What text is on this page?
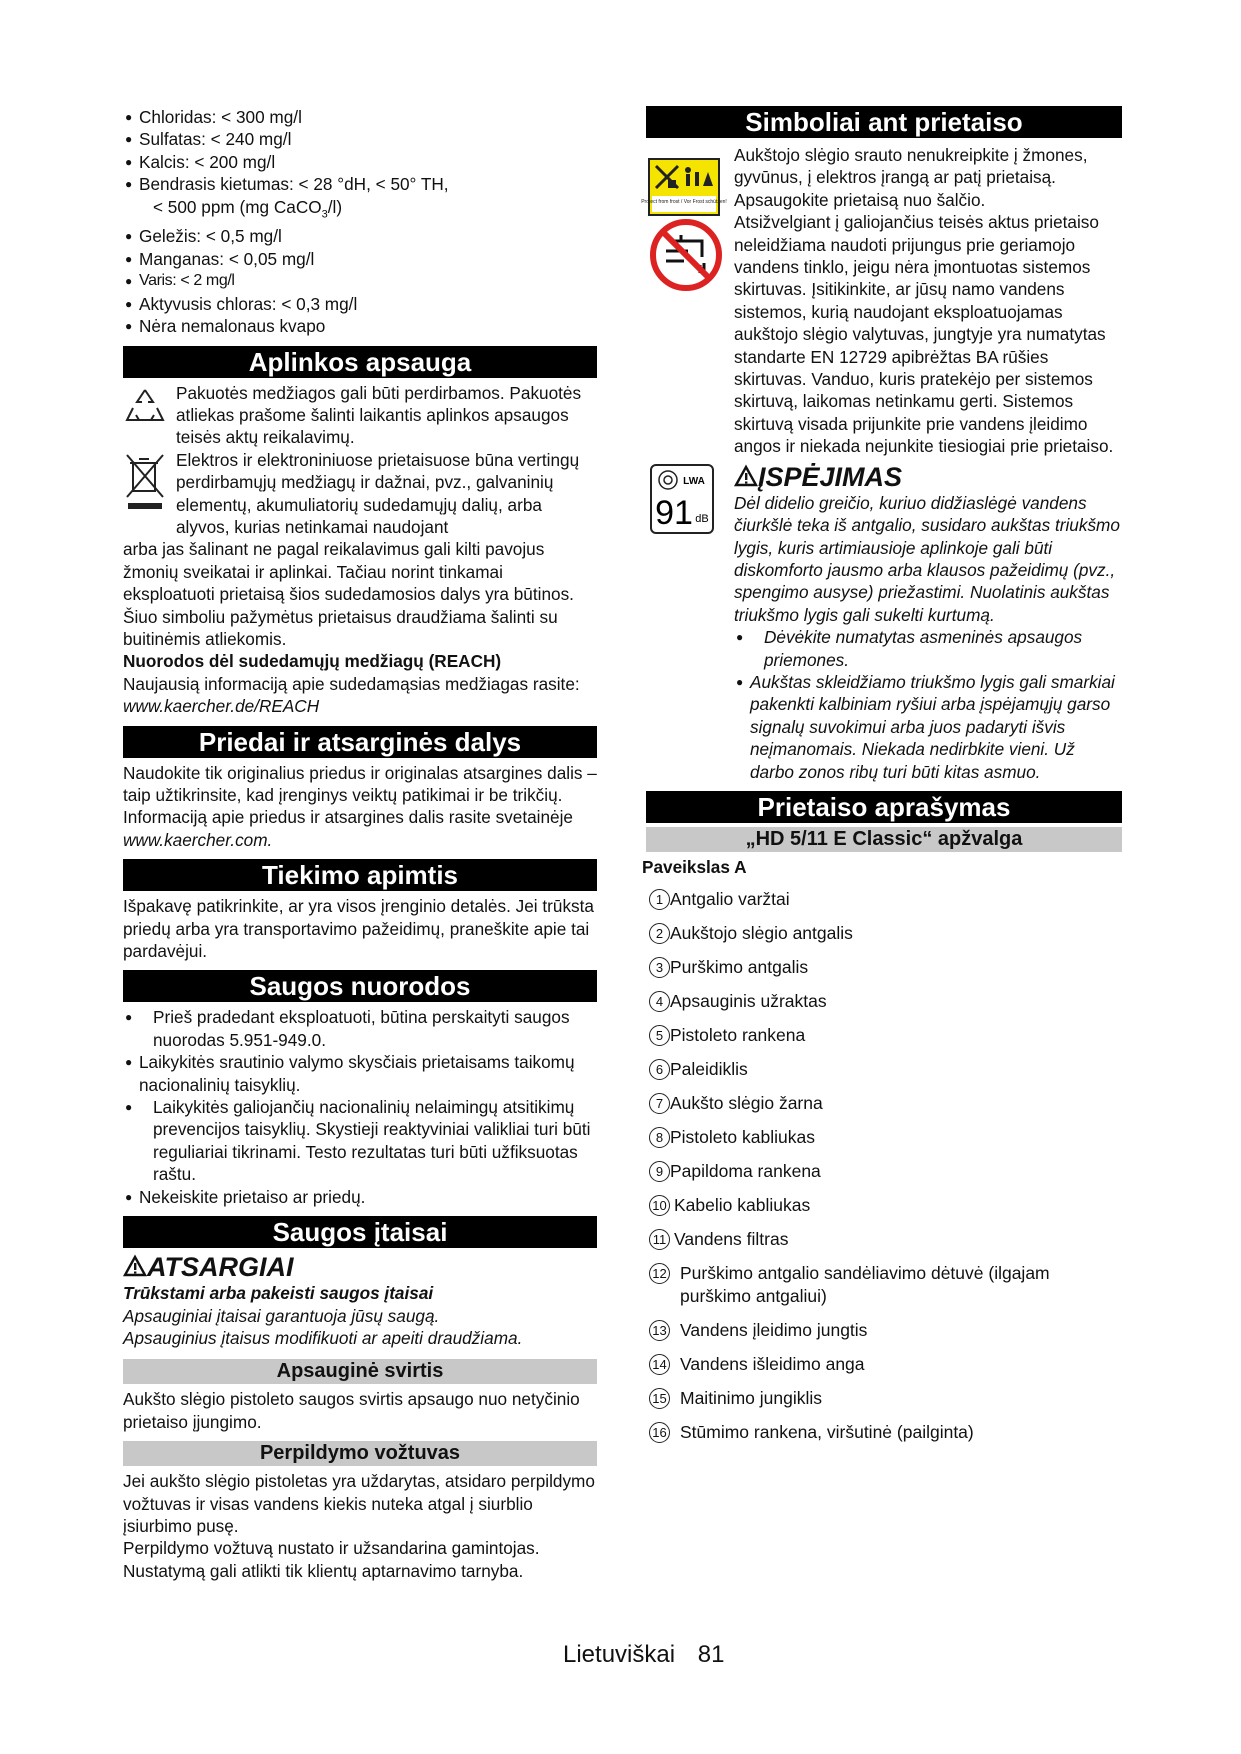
● Chloridas: < 300 mg/l
● Sulfatas: < 240 mg/l
● Kalcis: < 200 mg/l
● Bendrasis kietumas: < 28 °dH, < 50° TH,
< 500 ppm (mg CaCO$_3$/l)
● Geležis: < 0,5 mg/l
● Manganas: < 0,05 mg/l
● Varis: < 2 mg/l
● Aktyvusis chloras: < 0,3 mg/l
● Nėra nemalonaus kvapo
Aplinkos apsauga

Pakuotės medžiagos gali būti perdirbamos. Pakuotės atliekas prašome šalinti laikantis aplinkos apsaugos teisės aktų reikalavimų.

Elektros ir elektroniniuose prietaisuose būna vertingų perdirbamųjų medžiagų ir dažnai, pvz., galvaninių elementų, akumuliatorių sudedamųjų dalių, arba alyvos, kurias netinkamai naudojant

arba jas šalinant ne pagal reikalavimus gali kilti pavojus žmonių sveikatai ir aplinkai. Tačiau norint tinkamai eksploatuoti prietaisą šios sudedamosios dalys yra būtinos. Šiuo simboliu pažymėtus prietaisus draudžiama šalinti su buitinėmis atliekomis.

Nuorodos dėl sudedamųjų medžiagų (REACH)

Naujausią informaciją apie sudedamąsias medžiagas rasite: www.kaercher.de/REACH

Priedai ir atsarginės dalys

Naudokite tik originalius priedus ir originalas atsargines dalis – taip užtikrinsite, kad įrenginys veiktų patikimai ir be trikčių.

Informaciją apie priedus ir atsargines dalis rasite svetainėje www.kaercher.com.

Tiekimo apimtis

Išpakavę patikrinkite, ar yra visos įrenginio detalės. Jei trūksta priedų arba yra transportavimo pažeidimų, praneškite apie tai pardavėjui.

Saugos nuorodos
● Prieš pradedant eksploatuoti, būtina perskaityti saugos nuorodas 5.951-949.0.
● Laikykitės srautinio valymo skysčiais prietaisams taikomų nacionalinių taisyklių.
● Laikykitės galiojančių nacionalinių nelaimingų atsitikimų prevencijos taisyklių. Skystieji reaktyviniai valikliai turi būti reguliariai tikrinami. Testo rezultatas turi būti užfiksuotas raštu.
● Nekeiskite prietaiso ar priedų.
Saugos įtaisai
ATSARGIAI

Trūkstami arba pakeisti saugos įtaisai

Apsauginiai įtaisai garantuoja jūsų saugą.

Apsauginius įtaisus modifikuoti ar apeiti draudžiama.

Apsauginė svirtis

Aukšto slėgio pistoleto saugos svirtis apsaugo nuo netyčinio prietaiso įjungimo.

Perpildymo vožtuvas

Jei aukšto slėgio pistoletas yra uždarytas, atsidaro perpildymo vožtuvas ir visas vandens kiekis nuteka atgal į siurblio įsiurbimo pusę.

Perpildymo vožtuvą nustato ir užsandarina gamintojas. Nustatymą gali atlikti tik klientų aptarnavimo tarnyba.

Simboliai ant prietaiso
Protect from frost / Vor Frost schützen!

Aukštojo slėgio srauto nenukreipkite į žmones, gyvūnus, į elektros įrangą ar patį prietaisą.

Apsaugokite prietaisą nuo šalčio.

Atsižvelgiant į galiojančius teisės aktus prietaiso neleidžiama naudoti prijungus prie geriamojo vandens tinklo, jeigu nėra įmontuotas sistemos skirtuvas. Įsitikinkite, ar jūsų namo vandens sistemos, kurią naudojant eksploatuojamas aukštojo slėgio valytuvas, jungtyje yra numatytas standarte EN 12729 apibrėžtas BA rūšies skirtuvas. Vanduo, kuris pratekėjo per sistemos skirtuvą, laikomas netinkamu gerti. Sistemos skirtuvą visada prijunkite prie vandens įleidimo angos ir niekada nejunkite tiesiogiai prie prietaiso.

LWA
91 dB
ĮSPĖJIMAS

Dėl didelio greičio, kuriuo didžiaslėgė vandens čiurkšlė teka iš antgalio, susidaro aukštas triukšmo lygis, kuris artimiausioje aplinkoje gali būti diskomforto jausmo arba klausos pažeidimų (pvz., spengimo ausyse) priežastimi. Nuolatinis aukštas triukšmo lygis gali sukelti kurtumą.

● Dėvėkite numatytas asmeninės apsaugos priemones.
● Aukštas skleidžiamo triukšmo lygis gali smarkiai pakenkti kalbiniam ryšiui arba įspėjamųjų garso signalų suvokimui arba juos padaryti išvis neįmanomais. Niekada nedirbkite vieni. Už darbo zonos ribų turi būti kitas asmuo.
Prietaiso aprašymas
„HD 5/11 E Classic“ apžvalga

Paveikslas A

1 Antgalio varžtai
2 Aukštojo slėgio antgalis
3 Purškimo antgalis
4 Apsauginis užraktas
5 Pistoleto rankena
6 Paleidiklis
7 Aukšto slėgio žarna
8 Pistoleto kabliukas
9 Papildoma rankena
10 Kabelio kabliukas
11 Vandens filtras
12 Purškimo antgalio sandėliavimo dėtuvė (ilgajam purškimo antgaliui)
13 Vandens įleidimo jungtis
14 Vandens išleidimo anga
15 Maitinimo jungiklis
16 Stūmimo rankena, viršutinė (pailginta)
Lietuviškai 81
